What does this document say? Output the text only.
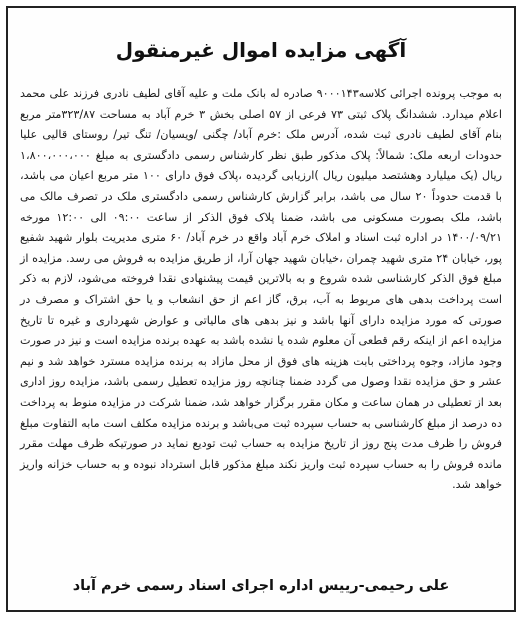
آگهی مزایده اموال غیرمنقول
به موجب پرونده اجرائی کلاسه۹۰۰۰۱۴۳ صادره له بانک ملت و علیه آقای لطیف نادری فرزند علی محمد اعلام میدارد. ششدانگ پلاک ثبتی ۷۳ فرعی از ۵۷ اصلی بخش ۳ خرم آباد به مساحت ۳۲۳/۸۷متر مربع بنام آقای لطیف نادری ثبت شده، آدرس ملک :خرم آباد/ چگنی /ویسیان/ تنگ تیر/ روستای قالیی علیا حدودات اربعه ملک: شمالاً: پلاک مذکور طبق نظر کارشناس رسمی دادگستری به مبلغ ۱،۸۰۰،۰۰۰،۰۰۰ ریال (یک میلیارد وهشتصد میلیون ریال )ارزیابی گردیده ،پلاک فوق دارای ۱۰۰ متر مربع اعیان می باشد، با قدمت حدوداً ۲۰ سال می باشد، برابر گزارش کارشناس رسمی دادگستری ملک در تصرف مالک می باشد، ملک بصورت مسکونی می باشد، ضمنا پلاک فوق الذکر از ساعت ۰۹:۰۰ الی ۱۲:۰۰ مورخه ۱۴۰۰/۰۹/۲۱ در اداره ثبت اسناد و املاک خرم آباد واقع در خرم آباد/ ۶۰ متری مدیریت بلوار شهید شفیع پور، خیابان ۲۴ متری شهید چمران ،خیابان شهید جهان آرا، از طریق مزایده به فروش می رسد. مزایده از مبلغ فوق الذکر کارشناسی شده شروع و به بالاترین قیمت پیشنهادی نقدا فروخته می‌شود، لازم به ذکر است پرداخت بدهی های مربوط به آب، برق، گاز اعم از حق انشعاب و یا حق اشتراک و مصرف در صورتی که مورد مزایده دارای آنها باشد و نیز بدهی های مالیاتی و عوارض شهرداری و غیره تا تاریخ مزایده اعم از اینکه رقم قطعی آن معلوم شده یا نشده باشد به عهده برنده مزایده است و نیز در صورت وجود مازاد، وجوه پرداختی بابت هزینه های فوق از محل مازاد به برنده مزایده مسترد خواهد شد و نیم عشر و حق مزایده نقدا وصول می گردد ضمنا چنانچه روز مزایده تعطیل رسمی باشد، مزایده روز اداری بعد از تعطیلی در همان ساعت و مکان مقرر برگزار خواهد شد، ضمنا شرکت در مزایده منوط به پرداخت ده درصد از مبلغ کارشناسی به حساب سپرده ثبت می‌باشد و برنده مزایده مکلف است مابه التفاوت مبلغ فروش را ظرف مدت پنج روز از تاریخ مزایده به حساب ثبت تودیع نماید در صورتیکه ظرف مهلت مقرر مانده فروش را به حساب سپرده ثبت واریز نکند مبلغ مذکور قابل استرداد نبوده و به حساب خزانه واریز خواهد شد.
علی رحیمی-رییس اداره اجرای اسناد رسمی خرم آباد
